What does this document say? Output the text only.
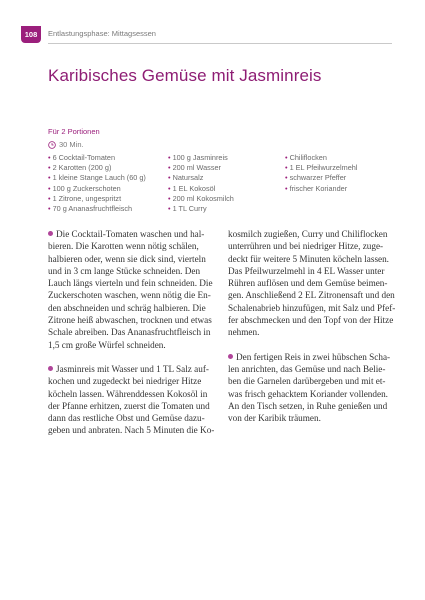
108	Entlastungsphase: Mittagsessen
Karibisches Gemüse mit Jasminreis
Für 2 Portionen
30 Min.
• 6 Cocktail-Tomaten
• 2 Karotten (200 g)
• 1 kleine Stange Lauch (60 g)
• 100 g Zuckerschoten
• 1 Zitrone, ungespritzt
• 70 g Ananasfruchtfleisch
• 100 g Jasminreis
• 200 ml Wasser
• Natursalz
• 1 EL Kokosöl
• 200 ml Kokosmilch
• 1 TL Curry
• Chiliflocken
• 1 EL Pfeilwurzelmehl
• schwarzer Pfeffer
• frischer Koriander

Die Cocktail-Tomaten waschen und hal-
bieren. Die Karotten wenn nötig schälen,
halbieren oder, wenn sie dick sind, vierteln
und in 3 cm lange Stücke schneiden. Den
Lauch längs vierteln und fein schneiden. Die
Zuckerschoten waschen, wenn nötig die En-
den abschneiden und schräg halbieren. Die
Zitrone heiß abwaschen, trocknen und etwas
Schale abreiben. Das Ananasfruchtfleisch in
1,5 cm große Würfel schneiden.

Jasminreis mit Wasser und 1 TL Salz auf-
kochen und zugedeckt bei niedriger Hitze
köcheln lassen. Währenddessen Kokosöl in
der Pfanne erhitzen, zuerst die Tomaten und
dann das restliche Obst und Gemüse dazu-
geben und anbraten. Nach 5 Minuten die Ko-

kosmilch zugießen, Curry und Chiliflocken
unterrühren und bei niedriger Hitze, zuge-
deckt für weitere 5 Minuten köcheln lassen.
Das Pfeilwurzelmehl in 4 EL Wasser unter
Rühren auflösen und dem Gemüse beimen-
gen. Anschließend 2 EL Zitronensaft und den
Schalenabrieb hinzufügen, mit Salz und Pfef-
fer abschmecken und den Topf von der Hitze
nehmen.

Den fertigen Reis in zwei hübschen Scha-
len anrichten, das Gemüse und nach Belie-
ben die Garnelen darübergeben und mit et-
was frisch gehacktem Koriander vollenden.
An den Tisch setzen, in Ruhe genießen und
von der Karibik träumen.
